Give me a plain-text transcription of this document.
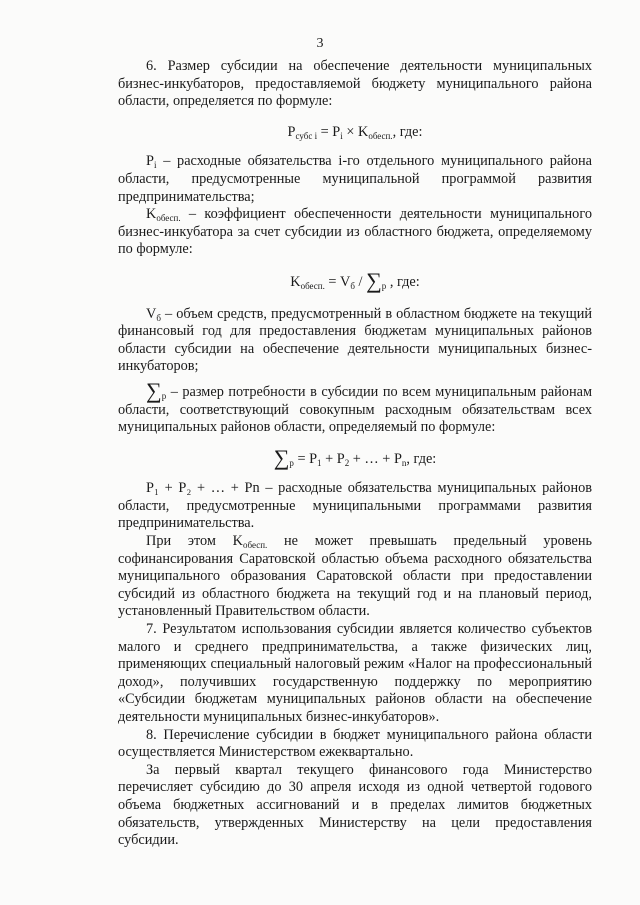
3

6. Размер субсидии на обеспечение деятельности муниципальных бизнес-инкубаторов, предоставляемой бюджету муниципального района области, определяется по формуле:

$P_{субс i} = P_i \times K_{обесп.}$, где:

$P_i$ – расходные обязательства i-го отдельного муниципального района области, предусмотренные муниципальной программой развития предпринимательства;

$K_{обесп.}$ – коэффициент обеспеченности деятельности муниципального бизнес-инкубатора за счет субсидии из областного бюджета, определяемому по формуле:

$K_{обесп.} = V_б / \sum_р$ , где:

$V_б$ – объем средств, предусмотренный в областном бюджете на текущий финансовый год для предоставления бюджетам муниципальных районов области субсидии на обеспечение деятельности муниципальных бизнес-инкубаторов;

$\sum_р$ – размер потребности в субсидии по всем муниципальным районам области, соответствующий совокупным расходным обязательствам всех муниципальных районов области, определяемый по формуле:

$\sum_р = P_1 + P_2$ + … + $P_n$, где:

P₁ + P₂ + … + Pn – расходные обязательства муниципальных районов области, предусмотренные муниципальными программами развития предпринимательства.

При этом $K_{обесп.}$ не может превышать предельный уровень софинансирования Саратовской областью объема расходного обязательства муниципального образования Саратовской области при предоставлении субсидий из областного бюджета на текущий год и на плановый период, установленный Правительством области.

7. Результатом использования субсидии является количество субъектов малого и среднего предпринимательства, а также физических лиц, применяющих специальный налоговый режим «Налог на профессиональный доход», получивших государственную поддержку по мероприятию «Субсидии бюджетам муниципальных районов области на обеспечение деятельности муниципальных бизнес-инкубаторов».

8. Перечисление субсидии в бюджет муниципального района области осуществляется Министерством ежеквартально.

За первый квартал текущего финансового года Министерство перечисляет субсидию до 30 апреля исходя из одной четвертой годового объема бюджетных ассигнований и в пределах лимитов бюджетных обязательств, утвержденных Министерству на цели предоставления субсидии.
